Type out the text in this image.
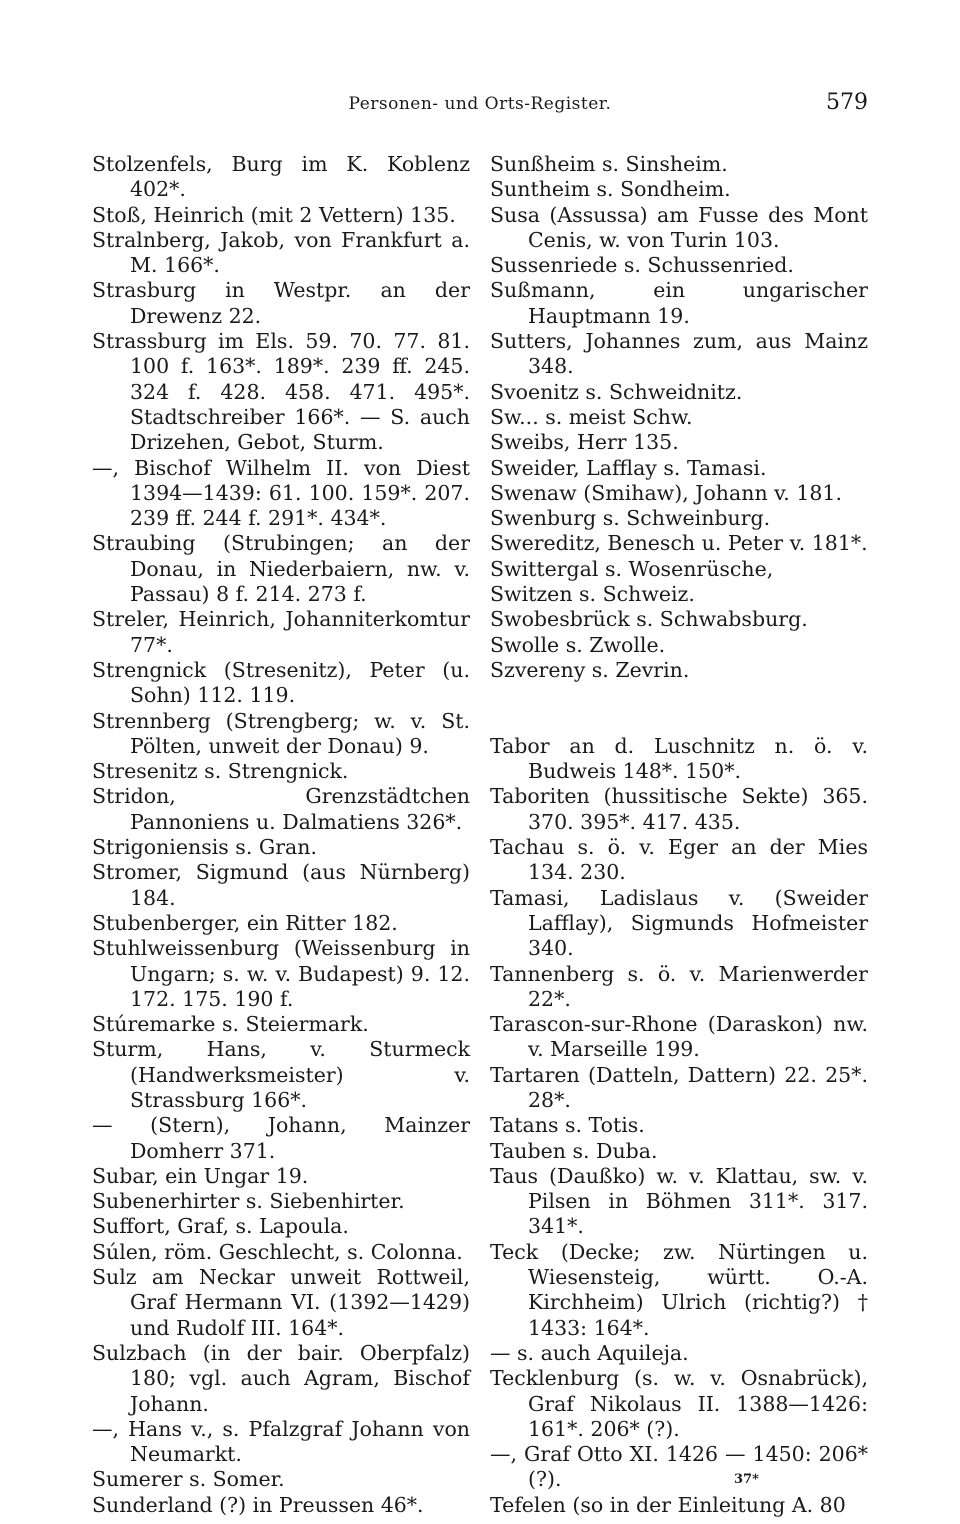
Personen- und Orts-Register.	579
Stolzenfels, Burg im K. Koblenz 402*.
Stoß, Heinrich (mit 2 Vettern) 135.
Stralnberg, Jakob, von Frankfurt a. M. 166*.
Strasburg in Westpr. an der Drewenz 22.
Strassburg im Els. 59. 70. 77. 81. 100 f. 163*. 189*. 239 ff. 245. 324 f. 428. 458. 471. 495*. Stadtschreiber 166*. — S. auch Drizehen, Gebot, Sturm.
—, Bischof Wilhelm II. von Diest 1394—1439: 61. 100. 159*. 207. 239 ff. 244 f. 291*. 434*.
Straubing (Strubingen; an der Donau, in Niederbaiern, nw. v. Passau) 8 f. 214. 273 f.
Streler, Heinrich, Johanniterkomtur 77*.
Strengnick (Stresenitz), Peter (u. Sohn) 112. 119.
Strennberg (Strengberg; w. v. St. Pölten, unweit der Donau) 9.
Stresenitz s. Strengnick.
Stridon, Grenzstädtchen Pannoniens u. Dalmatiens 326*.
Strigoniensis s. Gran.
Stromer, Sigmund (aus Nürnberg) 184.
Stubenberger, ein Ritter 182.
Stuhlweissenburg (Weissenburg in Ungarn; s. w. v. Budapest) 9. 12. 172. 175. 190 f.
Stúremarke s. Steiermark.
Sturm, Hans, v. Sturmeck (Handwerksmeister) v. Strassburg 166*.
— (Stern), Johann, Mainzer Domherr 371.
Subar, ein Ungar 19.
Subenerhirter s. Siebenhirter.
Suffort, Graf, s. Lapoula.
Súlen, röm. Geschlecht, s. Colonna.
Sulz am Neckar unweit Rottweil, Graf Hermann VI. (1392—1429) und Rudolf III. 164*.
Sulzbach (in der bair. Oberpfalz) 180; vgl. auch Agram, Bischof Johann.
—, Hans v., s. Pfalzgraf Johann von Neumarkt.
Sumerer s. Somer.
Sunderland (?) in Preussen 46*.
Sunßheim s. Sinsheim.
Suntheim s. Sondheim.
Susa (Assussa) am Fusse des Mont Cenis, w. von Turin 103.
Sussenriede s. Schussenried.
Sußmann, ein ungarischer Hauptmann 19.
Sutters, Johannes zum, aus Mainz 348.
Svoenitz s. Schweidnitz.
Sw... s. meist Schw.
Sweibs, Herr 135.
Sweider, Lafflay s. Tamasi.
Swenaw (Smihaw), Johann v. 181.
Swenburg s. Schweinburg.
Swereditz, Benesch u. Peter v. 181*.
Swittergal s. Wosenrüsche,
Switzen s. Schweiz.
Swobesbrück s. Schwabsburg.
Swolle s. Zwolle.
Szvereny s. Zevrin.
Tabor an d. Luschnitz n. ö. v. Budweis 148*. 150*.
Taboriten (hussitische Sekte) 365. 370. 395*. 417. 435.
Tachau s. ö. v. Eger an der Mies 134. 230.
Tamasi, Ladislaus v. (Sweider Lafflay), Sigmunds Hofmeister 340.
Tannenberg s. ö. v. Marienwerder 22*.
Tarascon-sur-Rhone (Daraskon) nw. v. Marseille 199.
Tartaren (Datteln, Dattern) 22. 25*. 28*.
Tatans s. Totis.
Tauben s. Duba.
Taus (Daußko) w. v. Klattau, sw. v. Pilsen in Böhmen 311*. 317. 341*.
Teck (Decke; zw. Nürtingen u. Wiesensteig, württ. O.-A. Kirchheim) Ulrich (richtig?) † 1433: 164*.
— s. auch Aquileja.
Tecklenburg (s. w. v. Osnabrück), Graf Nikolaus II. 1388—1426: 161*. 206* (?).
—, Graf Otto XI. 1426 — 1450: 206* (?).
Tefelen (so in der Einleitung A. 80
37*
